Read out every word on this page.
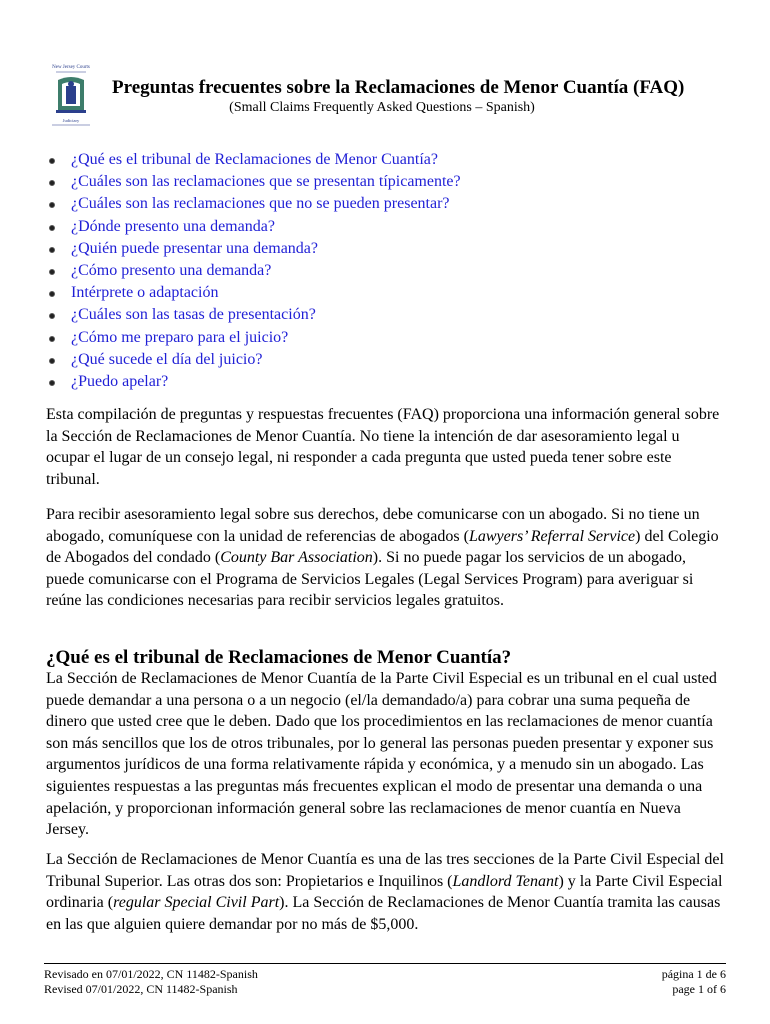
New Jersey Courts
Judiciary
Preguntas frecuentes sobre la Reclamaciones de Menor Cuantía (FAQ)
(Small Claims Frequently Asked Questions – Spanish)
¿Qué es el tribunal de Reclamaciones de Menor Cuantía?
¿Cuáles son las reclamaciones que se presentan típicamente?
¿Cuáles son las reclamaciones que no se pueden presentar?
¿Dónde presento una demanda?
¿Quién puede presentar una demanda?
¿Cómo presento una demanda?
Intérprete o adaptación
¿Cuáles son las tasas de presentación?
¿Cómo me preparo para el juicio?
¿Qué sucede el día del juicio?
¿Puedo apelar?

Esta compilación de preguntas y respuestas frecuentes (FAQ) proporciona una información general sobre la Sección de Reclamaciones de Menor Cuantía. No tiene la intención de dar asesoramiento legal u ocupar el lugar de un consejo legal, ni responder a cada pregunta que usted pueda tener sobre este tribunal.

Para recibir asesoramiento legal sobre sus derechos, debe comunicarse con un abogado. Si no tiene un abogado, comuníquese con la unidad de referencias de abogados (Lawyers’ Referral Service) del Colegio de Abogados del condado (County Bar Association). Si no puede pagar los servicios de un abogado, puede comunicarse con el Programa de Servicios Legales (Legal Services Program) para averiguar si reúne las condiciones necesarias para recibir servicios legales gratuitos.

¿Qué es el tribunal de Reclamaciones de Menor Cuantía?

La Sección de Reclamaciones de Menor Cuantía de la Parte Civil Especial es un tribunal en el cual usted puede demandar a una persona o a un negocio (el/la demandado/a) para cobrar una suma pequeña de dinero que usted cree que le deben. Dado que los procedimientos en las reclamaciones de menor cuantía son más sencillos que los de otros tribunales, por lo general las personas pueden presentar y exponer sus argumentos jurídicos de una forma relativamente rápida y económica, y a menudo sin un abogado. Las siguientes respuestas a las preguntas más frecuentes explican el modo de presentar una demanda o una apelación, y proporcionan información general sobre las reclamaciones de menor cuantía en Nueva Jersey.

La Sección de Reclamaciones de Menor Cuantía es una de las tres secciones de la Parte Civil Especial del Tribunal Superior. Las otras dos son: Propietarios e Inquilinos (Landlord Tenant) y la Parte Civil Especial ordinaria (regular Special Civil Part). La Sección de Reclamaciones de Menor Cuantía tramita las causas en las que alguien quiere demandar por no más de $5,000.

Revisado en 07/01/2022, CN 11482-Spanish
Revised 07/01/2022, CN 11482-Spanish
página 1 de 6
page 1 of 6
